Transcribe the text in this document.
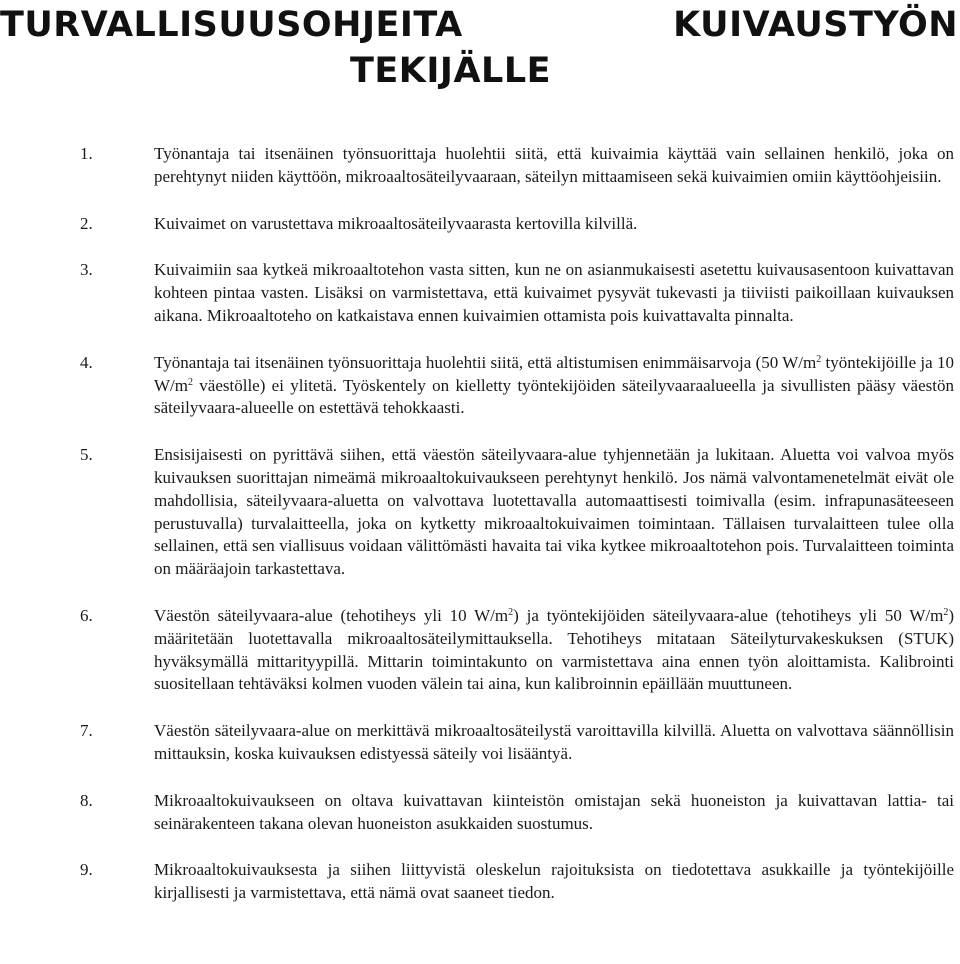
TURVALLISUUSOHJEITA	KUIVAUSTYÖN
TEKIJÄLLE
1.	Työnantaja tai itsenäinen työnsuorittaja huolehtii siitä, että kuivaimia käyttää vain sellainen henkilö, joka on perehtynyt niiden käyttöön, mikroaaltosäteilyvaaraan, säteilyn mittaamiseen sekä kuivaimien omiin käyttöohjeisiin.
2.	Kuivaimet on varustettava mikroaaltosäteilyvaarasta kertovilla kilvillä.
3.	Kuivaimiin saa kytkeä mikroaaltotehon vasta sitten, kun ne on asianmukaisesti asetettu kuivausasentoon kuivattavan kohteen pintaa vasten. Lisäksi on varmistettava, että kuivaimet pysyvät tukevasti ja tiiviisti paikoillaan kuivauksen aikana. Mikroaaltoteho on katkaistava ennen kuivaimien ottamista pois kuivattavalta pinnalta.
4.	Työnantaja tai itsenäinen työnsuorittaja huolehtii siitä, että altistumisen enimmäisarvoja (50 $W/m^2$ työntekijöille ja 10 $W/m^2$ väestölle) ei ylitetä. Työskentely on kielletty työntekijöiden säteilyvaaraalueella ja sivullisten pääsy väestön säteilyvaara-alueelle on estettävä tehokkaasti.
5.	Ensisijaisesti on pyrittävä siihen, että väestön säteilyvaara-alue tyhjennetään ja lukitaan. Aluetta voi valvoa myös kuivauksen suorittajan nimeämä mikroaaltokuivaukseen perehtynyt henkilö. Jos nämä valvontamenetelmät eivät ole mahdollisia, säteilyvaara-aluetta on valvottava luotettavalla automaattisesti toimivalla (esim. infrapunasäteeseen perustuvalla) turvalaitteella, joka on kytketty mikroaaltokuivaimen toimintaan. Tällaisen turvalaitteen tulee olla sellainen, että sen viallisuus voidaan välittömästi havaita tai vika kytkee mikroaaltotehon pois. Turvalaitteen toiminta on määräajoin tarkastettava.
6.	Väestön säteilyvaara-alue (tehotiheys yli 10 $W/m^2$) ja työntekijöiden säteilyvaara-alue (tehotiheys yli 50 $W/m^2$) määritetään luotettavalla mikroaaltosäteilymittauksella. Tehotiheys mitataan Säteilyturvakeskuksen (STUK) hyväksymällä mittarityypillä. Mittarin toimintakunto on varmistettava aina ennen työn aloittamista. Kalibrointi suositellaan tehtäväksi kolmen vuoden välein tai aina, kun kalibroinnin epäillään muuttuneen.
7.	Väestön säteilyvaara-alue on merkittävä mikroaaltosäteilystä varoittavilla kilvillä. Aluetta on valvottava säännöllisin mittauksin, koska kuivauksen edistyessä säteily voi lisääntyä.
8.	Mikroaaltokuivaukseen on oltava kuivattavan kiinteistön omistajan sekä huoneiston ja kuivattavan lattia- tai seinärakenteen takana olevan huoneiston asukkaiden suostumus.
9.	Mikroaaltokuivauksesta ja siihen liittyvistä oleskelun rajoituksista on tiedotettava asukkaille ja työntekijöille kirjallisesti ja varmistettava, että nämä ovat saaneet tiedon.
